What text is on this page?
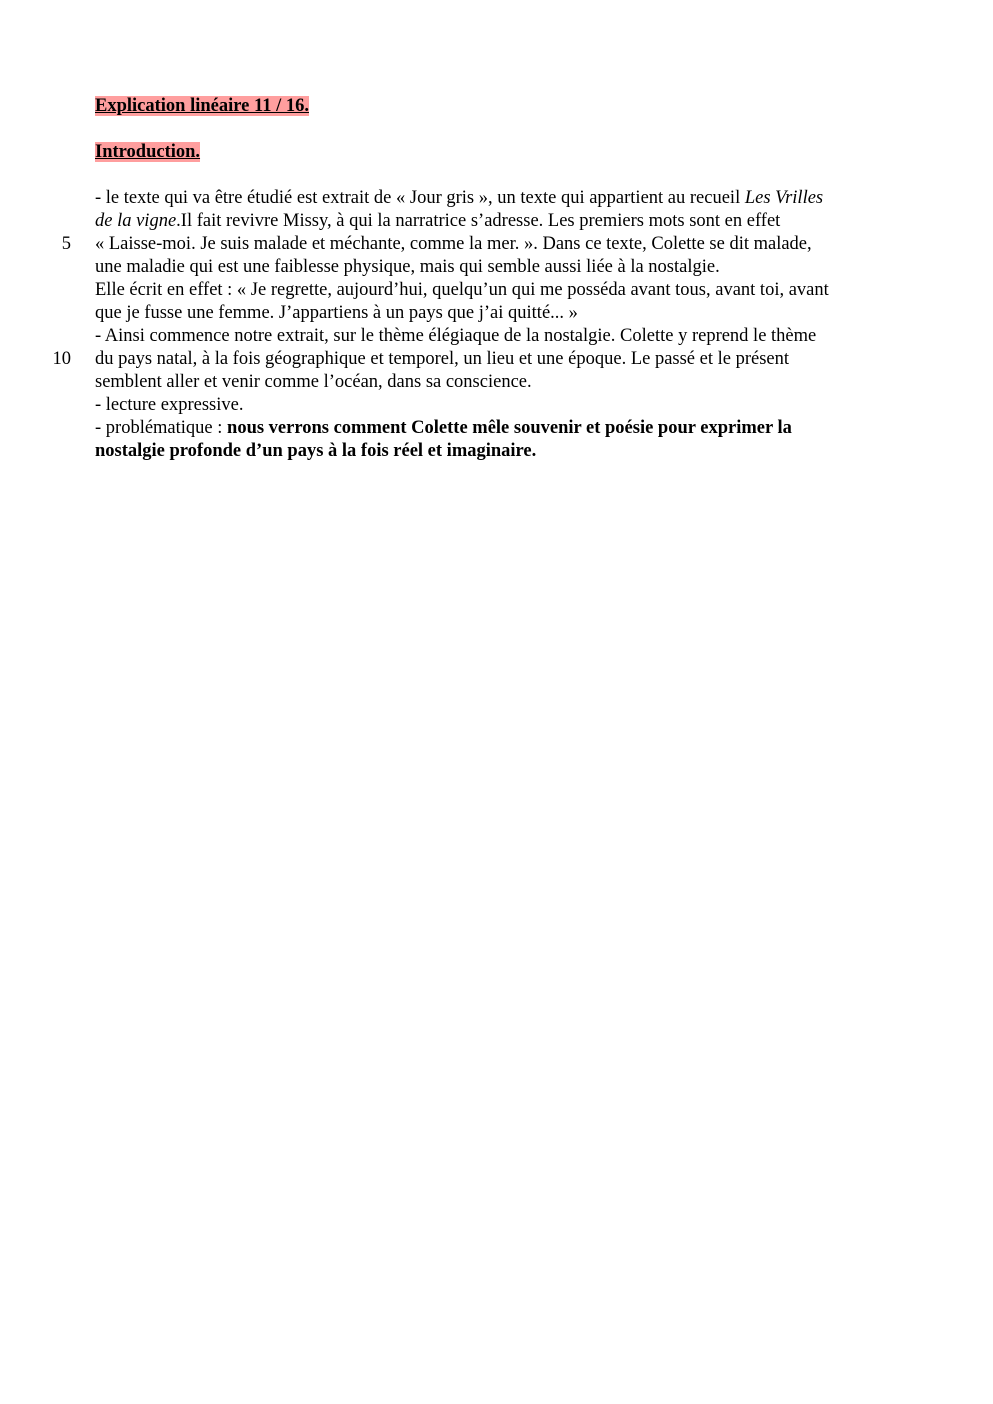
Explication linéaire 11 / 16.
Introduction.
5
10
- le texte qui va être étudié est extrait de « Jour gris », un texte qui appartient au recueil Les Vrilles
de la vigne.Il fait revivre Missy, à qui la narratrice s’adresse. Les premiers mots sont en effet
« Laisse-moi. Je suis malade et méchante, comme la mer. ». Dans ce texte, Colette se dit malade,
une maladie qui est une faiblesse physique, mais qui semble aussi liée à la nostalgie.
Elle écrit en effet : « Je regrette, aujourd’hui, quelqu’un qui me posséda avant tous, avant toi, avant
que je fusse une femme. J’appartiens à un pays que j’ai quitté... »
- Ainsi commence notre extrait, sur le thème élégiaque de la nostalgie. Colette y reprend le thème
du pays natal, à la fois géographique et temporel, un lieu et une époque. Le passé et le présent
semblent aller et venir comme l’océan, dans sa conscience.
- lecture expressive.
- problématique : nous verrons comment Colette mêle souvenir et poésie pour exprimer la
nostalgie profonde d’un pays à la fois réel et imaginaire.
